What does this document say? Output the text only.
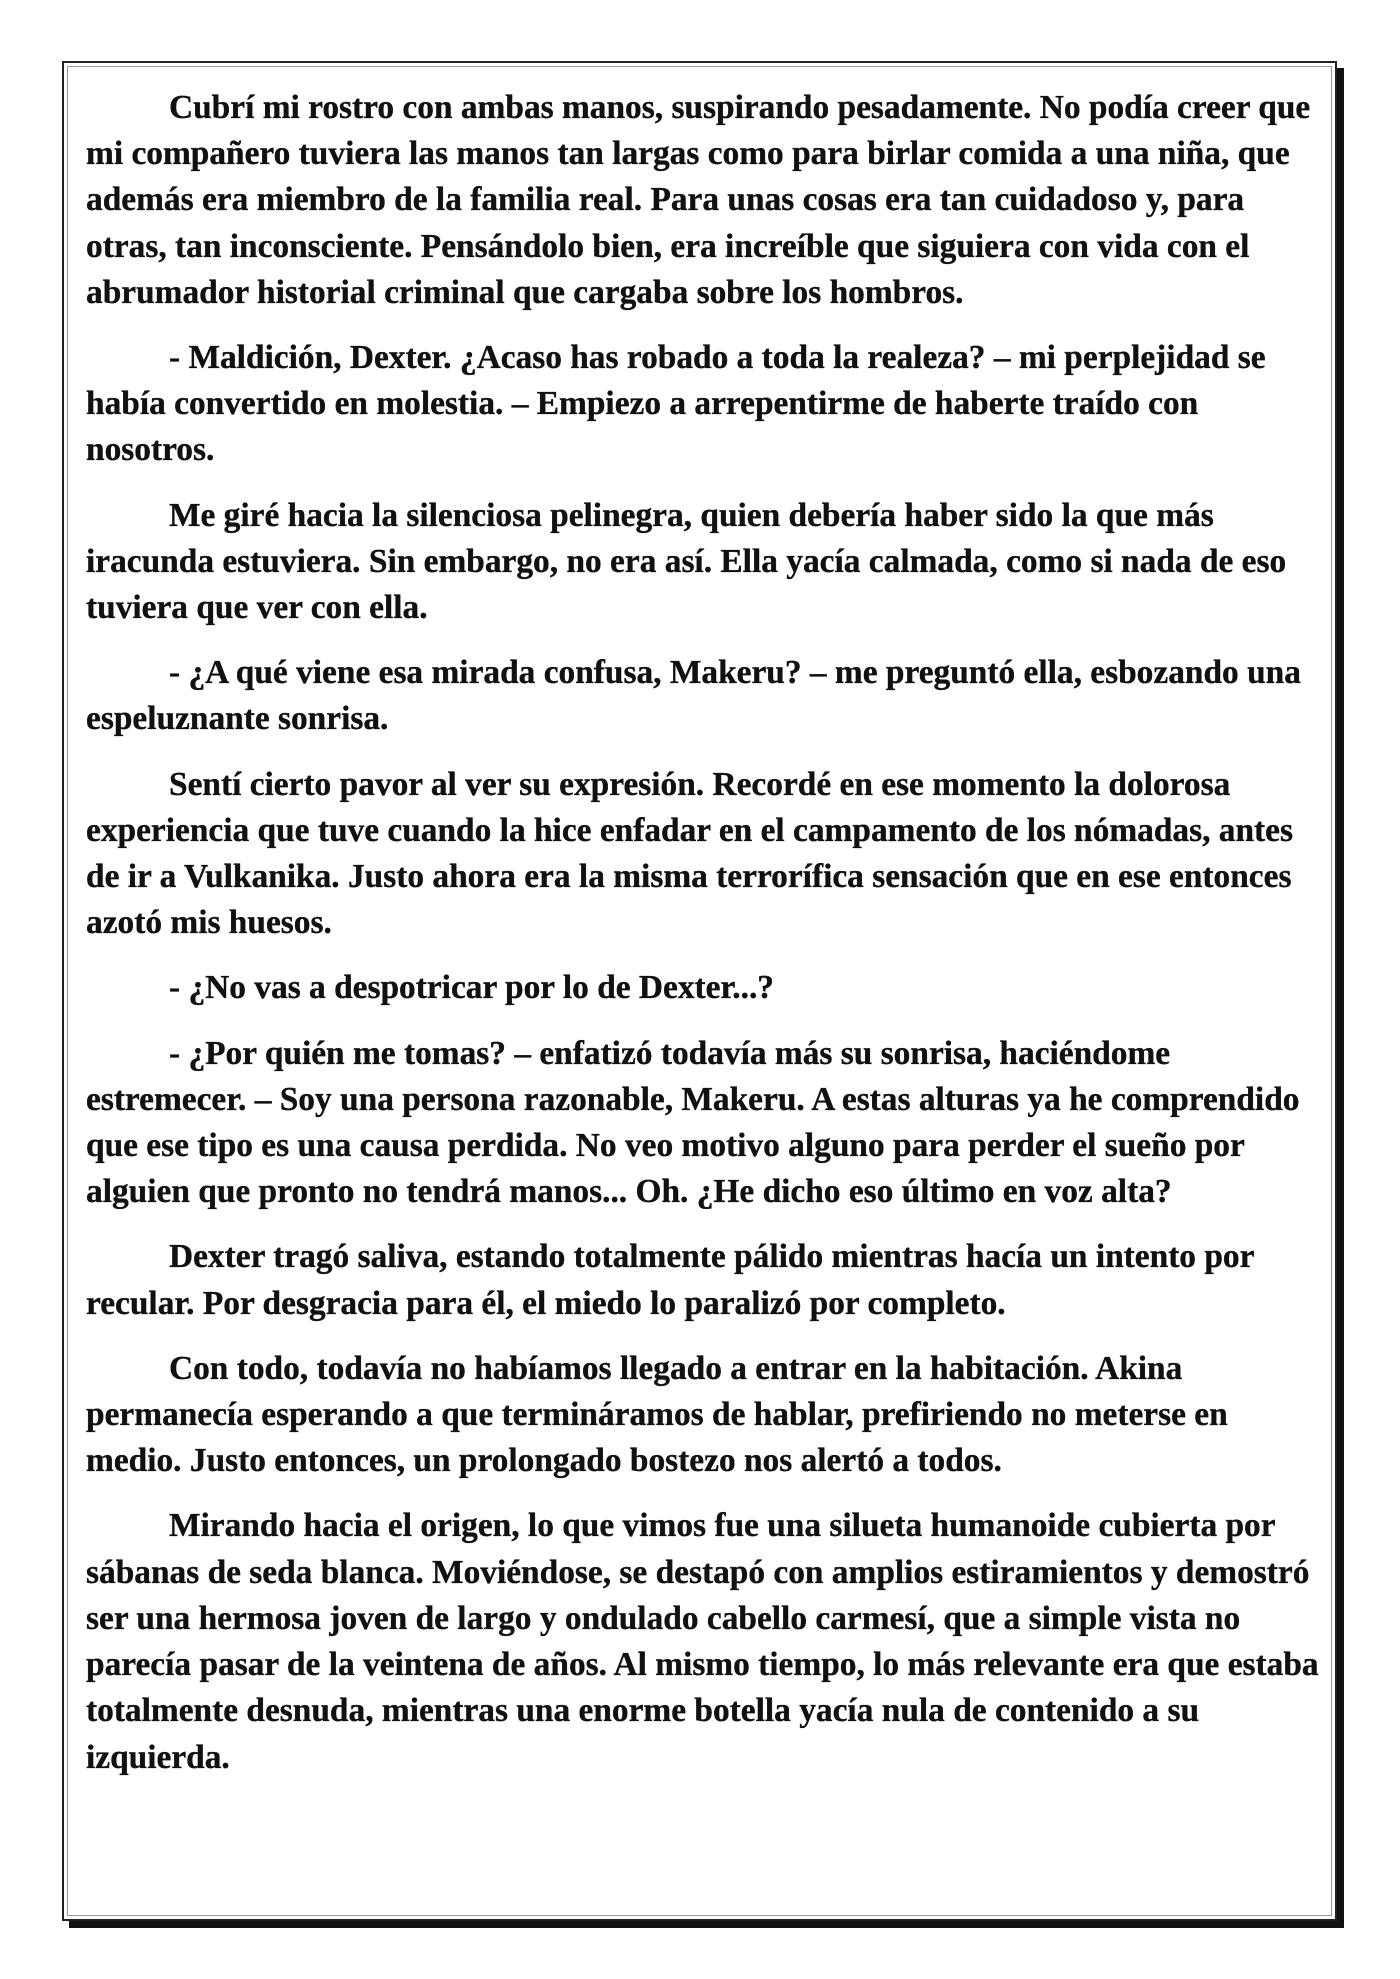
Cubrí mi rostro con ambas manos, suspirando pesadamente. No podía creer que mi compañero tuviera las manos tan largas como para birlar comida a una niña, que además era miembro de la familia real. Para unas cosas era tan cuidadoso y, para otras, tan inconsciente. Pensándolo bien, era increíble que siguiera con vida con el abrumador historial criminal que cargaba sobre los hombros.

- Maldición, Dexter. ¿Acaso has robado a toda la realeza? – mi perplejidad se había convertido en molestia. – Empiezo a arrepentirme de haberte traído con nosotros.

Me giré hacia la silenciosa pelinegra, quien debería haber sido la que más iracunda estuviera. Sin embargo, no era así. Ella yacía calmada, como si nada de eso tuviera que ver con ella.

- ¿A qué viene esa mirada confusa, Makeru? – me preguntó ella, esbozando una espeluznante sonrisa.

Sentí cierto pavor al ver su expresión. Recordé en ese momento la dolorosa experiencia que tuve cuando la hice enfadar en el campamento de los nómadas, antes de ir a Vulkanika. Justo ahora era la misma terrorífica sensación que en ese entonces azotó mis huesos.

- ¿No vas a despotricar por lo de Dexter...?

- ¿Por quién me tomas? – enfatizó todavía más su sonrisa, haciéndome estremecer. – Soy una persona razonable, Makeru. A estas alturas ya he comprendido que ese tipo es una causa perdida. No veo motivo alguno para perder el sueño por alguien que pronto no tendrá manos... Oh. ¿He dicho eso último en voz alta?

Dexter tragó saliva, estando totalmente pálido mientras hacía un intento por recular. Por desgracia para él, el miedo lo paralizó por completo.

Con todo, todavía no habíamos llegado a entrar en la habitación. Akina permanecía esperando a que termináramos de hablar, prefiriendo no meterse en medio. Justo entonces, un prolongado bostezo nos alertó a todos.

Mirando hacia el origen, lo que vimos fue una silueta humanoide cubierta por sábanas de seda blanca. Moviéndose, se destapó con amplios estiramientos y demostró ser una hermosa joven de largo y ondulado cabello carmesí, que a simple vista no parecía pasar de la veintena de años. Al mismo tiempo, lo más relevante era que estaba totalmente desnuda, mientras una enorme botella yacía nula de contenido a su izquierda.
